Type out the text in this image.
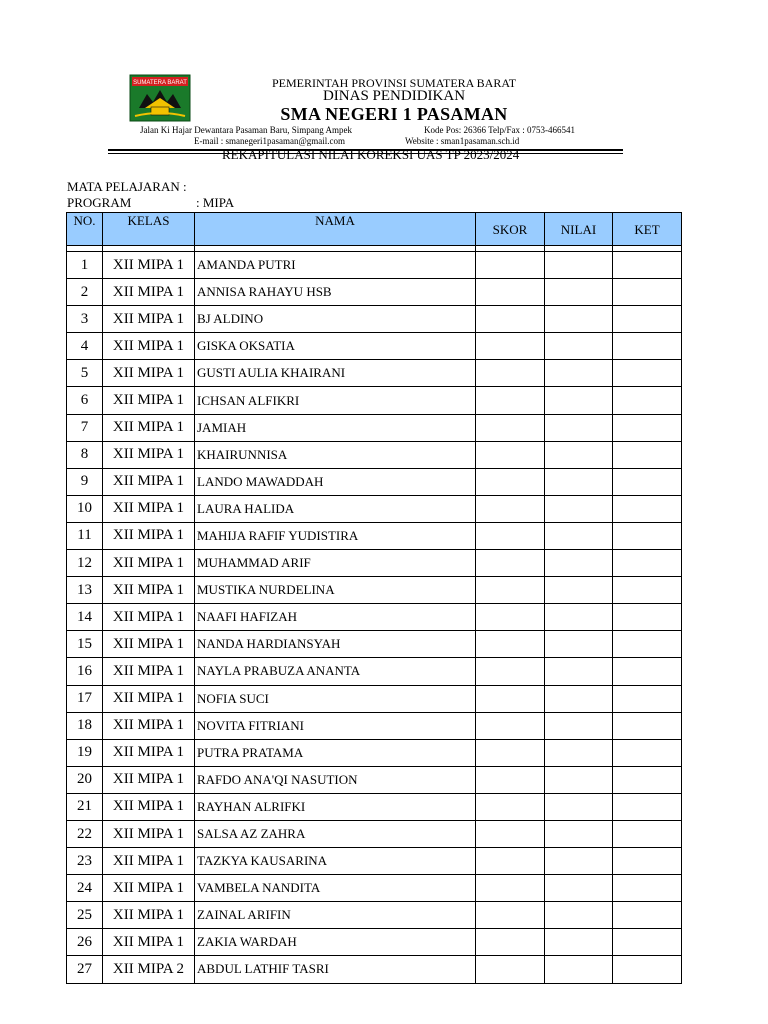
SUMATERA BARAT	PEMERINTAH PROVINSI SUMATERA BARAT
DINAS PENDIDIKAN
SMA NEGERI 1 PASAMAN
Jalan Ki Hajar Dewantara Pasaman Baru, Simpang Ampek	Kode Pos: 26366 Telp/Fax : 0753-466541
E-mail : smanegeri1pasaman@gmail.com	Website : sman1pasaman.sch.id
REKAPITULASI NILAI KOREKSI UAS TP 2023/2024
MATA PELAJARAN :
PROGRAM	: MIPA
NO.	KELAS	NAMA	SKOR	NILAI	KET

1	XII MIPA 1	AMANDA PUTRI			
2	XII MIPA 1	ANNISA RAHAYU HSB			
3	XII MIPA 1	BJ ALDINO			
4	XII MIPA 1	GISKA OKSATIA			
5	XII MIPA 1	GUSTI AULIA KHAIRANI			
6	XII MIPA 1	ICHSAN ALFIKRI			
7	XII MIPA 1	JAMIAH			
8	XII MIPA 1	KHAIRUNNISA			
9	XII MIPA 1	LANDO MAWADDAH			
10	XII MIPA 1	LAURA HALIDA			
11	XII MIPA 1	MAHIJA RAFIF YUDISTIRA			
12	XII MIPA 1	MUHAMMAD ARIF			
13	XII MIPA 1	MUSTIKA NURDELINA			
14	XII MIPA 1	NAAFI HAFIZAH			
15	XII MIPA 1	NANDA HARDIANSYAH			
16	XII MIPA 1	NAYLA PRABUZA ANANTA			
17	XII MIPA 1	NOFIA SUCI			
18	XII MIPA 1	NOVITA FITRIANI			
19	XII MIPA 1	PUTRA PRATAMA			
20	XII MIPA 1	RAFDO ANA'QI NASUTION			
21	XII MIPA 1	RAYHAN ALRIFKI			
22	XII MIPA 1	SALSA AZ ZAHRA			
23	XII MIPA 1	TAZKYA KAUSARINA			
24	XII MIPA 1	VAMBELA NANDITA			
25	XII MIPA 1	ZAINAL ARIFIN			
26	XII MIPA 1	ZAKIA WARDAH			
27	XII MIPA 2	ABDUL LATHIF TASRI			
